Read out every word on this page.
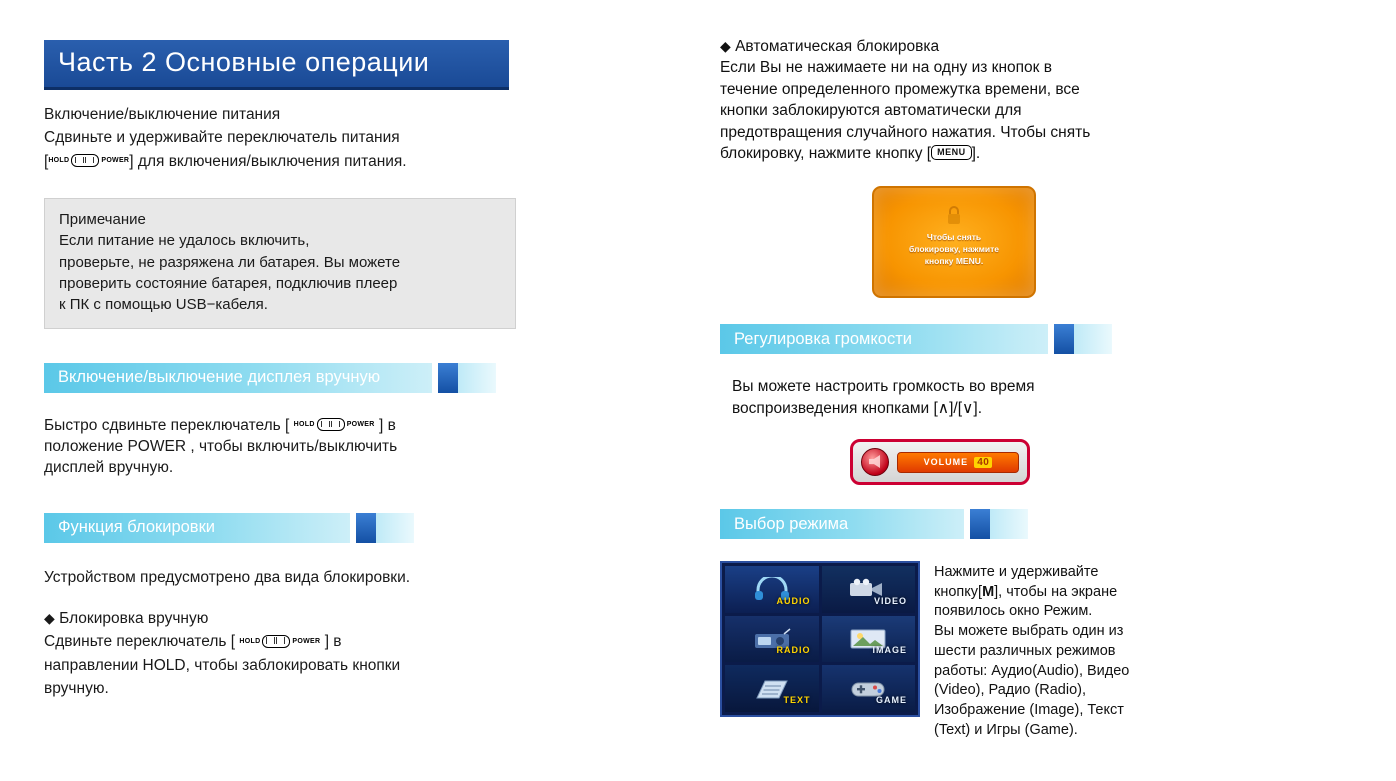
Часть 2 Основные операции
Включение/выключение питания
Сдвиньте и удерживайте переключатель питания
[ HOLD	POWER ] для включения/выключения питания.
Примечание
Если питание не удалось включить,
проверьте, не разряжена ли батарея. Вы можете
проверить состояние батарея, подключив плеер
к ПК с помощью USB−кабеля.
Включение/выключение дисплея вручную
Быстро сдвиньте переключатель [ HOLD	POWER ] в
положение POWER , чтобы включить/выключить
дисплей вручную.
Функция блокировки
Устройством предусмотрено два вида блокировки.
◆ Блокировка вручную
Сдвиньте переключатель [ HOLD	POWER ] в
направлении HOLD, чтобы заблокировать кнопки
вручную.
◆ Автоматическая блокировка
Если Вы не нажимаете ни на одну из кнопок в
течение определенного промежутка времени, все
кнопки заблокируются автоматически для
предотвращения случайного нажатия. Чтобы снять
блокировку, нажмите кнопку [ MENU ].
Чтобы снять
блокировку, нажмите
кнопку MENU.
Регулировка громкости
Вы можете настроить громкость во время
воспроизведения кнопками [∧]/[∨].
VOLUME 40
Выбор режима
AUDIO	VIDEO
RADIO	IMAGE
TEXT	GAME
Нажмите и удерживайте
кнопку[M], чтобы на экране
появилось окно Режим.
Вы можете выбрать один из
шести различных режимов
работы: Аудио(Audio), Видео
(Video), Радио (Radio),
Изображение (Image), Текст
(Text) и Игры (Game).
